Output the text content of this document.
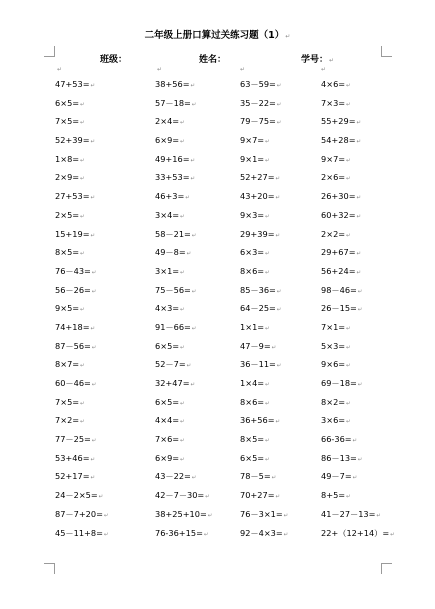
二年级上册口算过关练习题（1）↵
班级：	姓名：	学号：↵
↵	↵	↵	↵
47+53=↵	38+56=↵	63－59=↵	4×6=↵
6×5=↵	57－18=↵	35－22=↵	7×3=↵
7×5=↵	2×4=↵	79－75=↵	55+29=↵
52+39=↵	6×9=↵	9×7=↵	54+28=↵
1×8=↵	49+16=↵	9×1=↵	9×7=↵
2×9=↵	33+53=↵	52+27=↵	2×6=↵
27+53=↵	46+3=↵	43+20=↵	26+30=↵
2×5=↵	3×4=↵	9×3=↵	60+32=↵
15+19=↵	58－21=↵	29+39=↵	2×2=↵
8×5=↵	49－8=↵	6×3=↵	29+67=↵
76－43=↵	3×1=↵	8×6=↵	56+24=↵
56－26=↵	75－56=↵	85－36=↵	98－46=↵
9×5=↵	4×3=↵	64－25=↵	26－15=↵
74+18=↵	91－66=↵	1×1=↵	7×1=↵
87－56=↵	6×5=↵	47－9=↵	5×3=↵
8×7=↵	52－7=↵	36－11=↵	9×6=↵
60－46=↵	32+47=↵	1×4=↵	69－18=↵
7×5=↵	6×5=↵	8×6=↵	8×2=↵
7×2=↵	4×4=↵	36+56=↵	3×6=↵
77－25=↵	7×6=↵	8×5=↵	66-36=↵
53+46=↵	6×9=↵	6×5=↵	86－13=↵
52+17=↵	43－22=↵	78－5=↵	49－7=↵
24－2×5=↵	42－7－30=↵	70+27=↵	8+5=↵
87－7+20=↵	38+25+10=↵	76－3×1=↵	41－27－13=↵
45－11+8=↵	76-36+15=↵	92－4×3=↵	22+（12+14）=↵
